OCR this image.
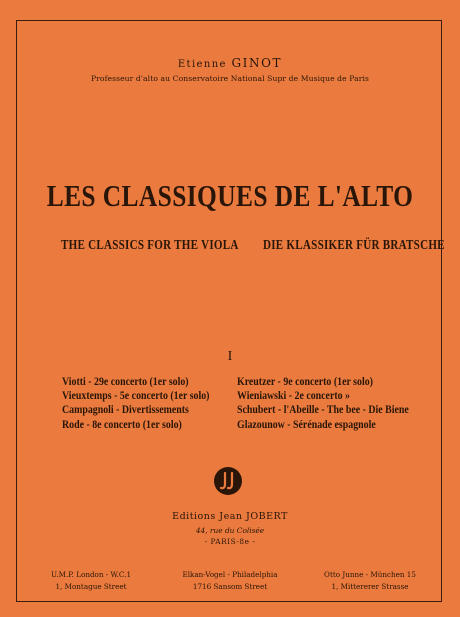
Etienne GINOT
Professeur d'alto au Conservatoire National Supr de Musique de Paris
LES CLASSIQUES DE L'ALTO
THE CLASSICS FOR THE VIOLA DIE KLASSIKER FÜR BRATSCHE
I
Viotti - 29e concerto (1er solo)
Vieuxtemps - 5e concerto (1er solo)
Campagnoli - Divertissements
Rode - 8e concerto (1er solo)
Kreutzer - 9e concerto (1er solo)
Wieniawski - 2e concerto »
Schubert - l'Abeille - The bee - Die Biene
Glazounow - Sérénade espagnole
Editions Jean JOBERT
44, rue du Colisée
- PARIS-8e -
U.M.P. London - W.C.1
1, Montague Street
Elkan-Vogel - Philadelphia
1716 Sansom Street
Otto Junne - München 15
1, Mittererer Strasse
